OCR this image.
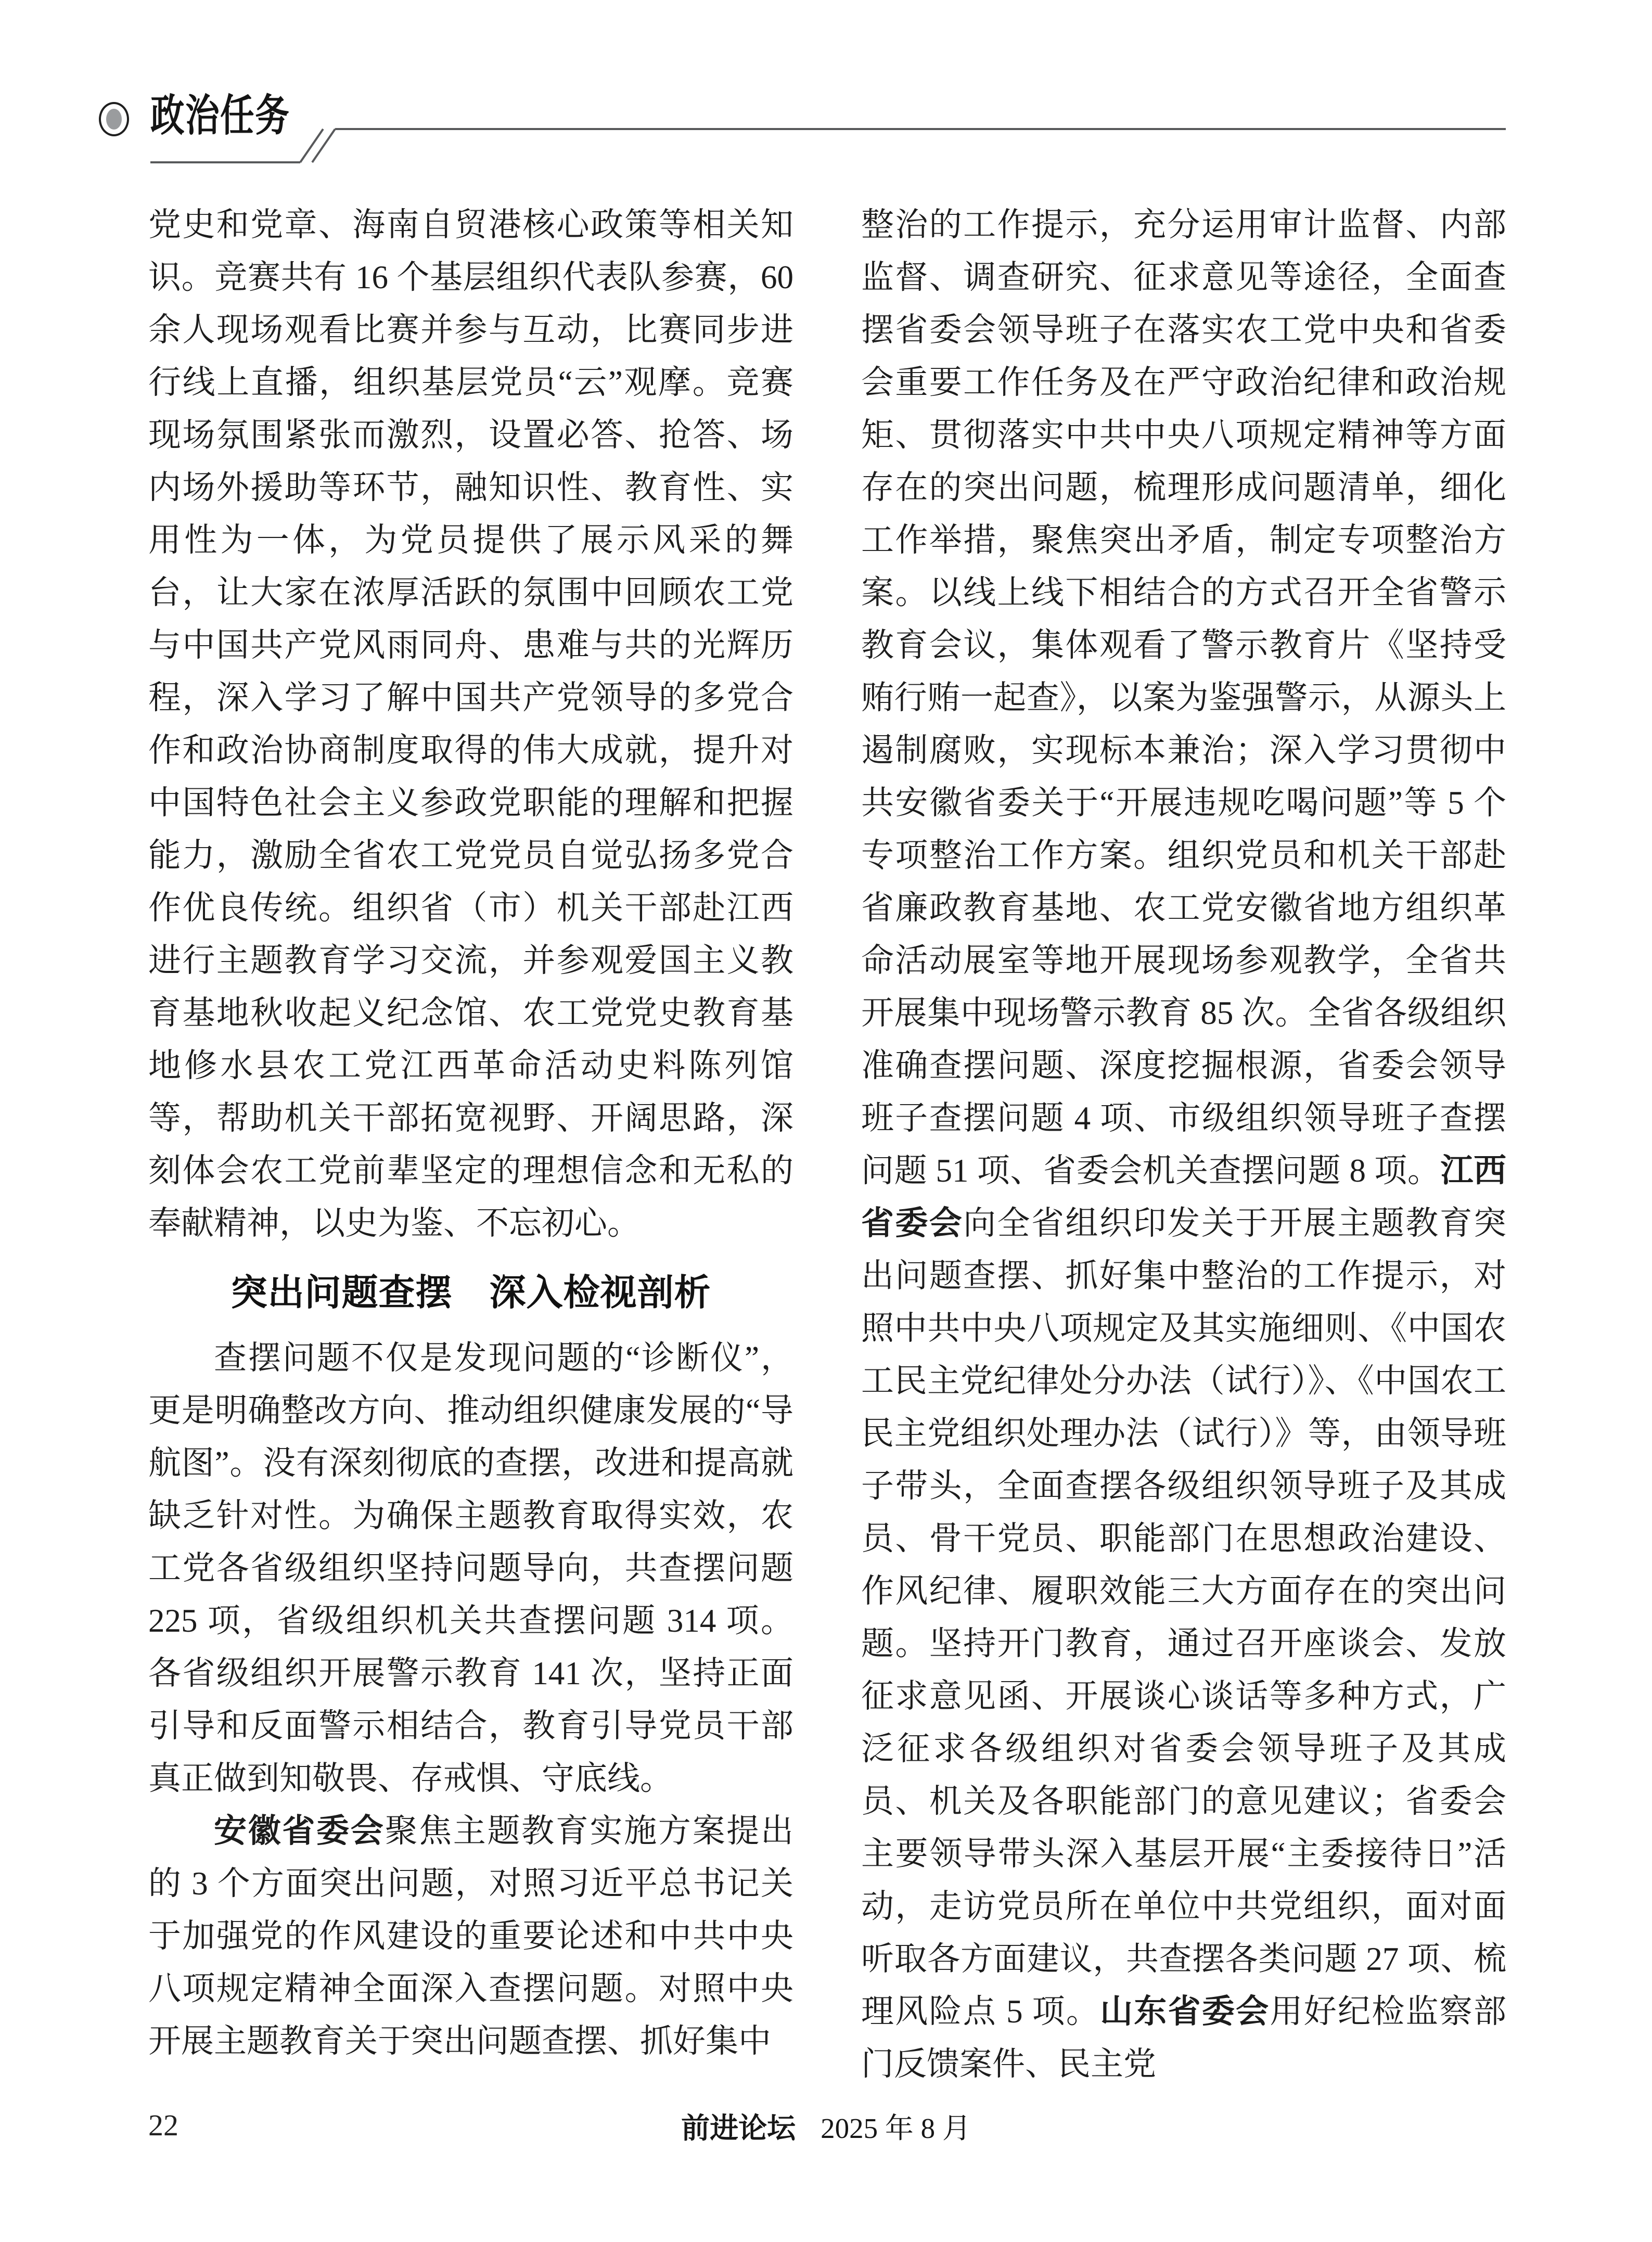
政治任务

党史和党章、海南自贸港核心政策等相关知识。竞赛共有 16 个基层组织代表队参赛，60 余人现场观看比赛并参与互动，比赛同步进行线上直播，组织基层党员“云”观摩。竞赛现场氛围紧张而激烈，设置必答、抢答、场内场外援助等环节，融知识性、教育性、实用性为一体，为党员提供了展示风采的舞台，让大家在浓厚活跃的氛围中回顾农工党与中国共产党风雨同舟、患难与共的光辉历程，深入学习了解中国共产党领导的多党合作和政治协商制度取得的伟大成就，提升对中国特色社会主义参政党职能的理解和把握能力，激励全省农工党党员自觉弘扬多党合作优良传统。组织省（市）机关干部赴江西进行主题教育学习交流，并参观爱国主义教育基地秋收起义纪念馆、农工党党史教育基地修水县农工党江西革命活动史料陈列馆等，帮助机关干部拓宽视野、开阔思路，深刻体会农工党前辈坚定的理想信念和无私的奉献精神，以史为鉴、不忘初心。

突出问题查摆　深入检视剖析

查摆问题不仅是发现问题的“诊断仪”，更是明确整改方向、推动组织健康发展的“导航图”。没有深刻彻底的查摆，改进和提高就缺乏针对性。为确保主题教育取得实效，农工党各省级组织坚持问题导向，共查摆问题 225 项，省级组织机关共查摆问题 314 项。各省级组织开展警示教育 141 次，坚持正面引导和反面警示相结合，教育引导党员干部真正做到知敬畏、存戒惧、守底线。

安徽省委会聚焦主题教育实施方案提出的 3 个方面突出问题，对照习近平总书记关于加强党的作风建设的重要论述和中共中央八项规定精神全面深入查摆问题。对照中央开展主题教育关于突出问题查摆、抓好集中

整治的工作提示，充分运用审计监督、内部监督、调查研究、征求意见等途径，全面查摆省委会领导班子在落实农工党中央和省委会重要工作任务及在严守政治纪律和政治规矩、贯彻落实中共中央八项规定精神等方面存在的突出问题，梳理形成问题清单，细化工作举措，聚焦突出矛盾，制定专项整治方案。以线上线下相结合的方式召开全省警示教育会议，集体观看了警示教育片《坚持受贿行贿一起查》，以案为鉴强警示，从源头上遏制腐败，实现标本兼治；深入学习贯彻中共安徽省委关于“开展违规吃喝问题”等 5 个专项整治工作方案。组织党员和机关干部赴省廉政教育基地、农工党安徽省地方组织革命活动展室等地开展现场参观教学，全省共开展集中现场警示教育 85 次。全省各级组织准确查摆问题、深度挖掘根源，省委会领导班子查摆问题 4 项、市级组织领导班子查摆问题 51 项、省委会机关查摆问题 8 项。江西省委会向全省组织印发关于开展主题教育突出问题查摆、抓好集中整治的工作提示，对照中共中央八项规定及其实施细则、《中国农工民主党纪律处分办法（试行）》、《中国农工民主党组织处理办法（试行）》等，由领导班子带头，全面查摆各级组织领导班子及其成员、骨干党员、职能部门在思想政治建设、作风纪律、履职效能三大方面存在的突出问题。坚持开门教育，通过召开座谈会、发放征求意见函、开展谈心谈话等多种方式，广泛征求各级组织对省委会领导班子及其成员、机关及各职能部门的意见建议；省委会主要领导带头深入基层开展“主委接待日”活动，走访党员所在单位中共党组织，面对面听取各方面建议，共查摆各类问题 27 项、梳理风险点 5 项。山东省委会用好纪检监察部门反馈案件、民主党

22	前进论坛 2025 年 8 月
